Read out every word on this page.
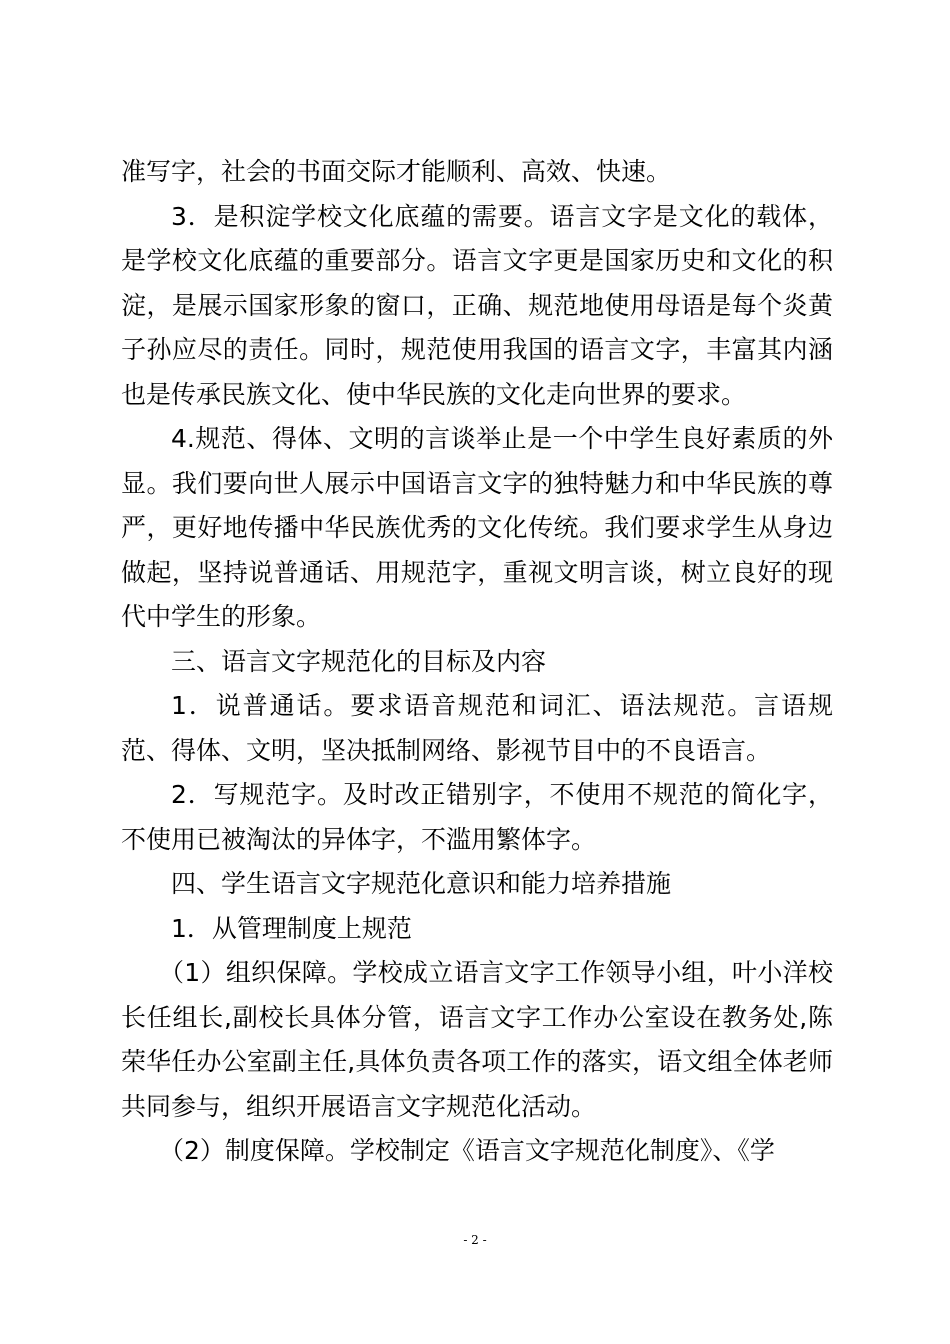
准写字，社会的书面交际才能顺利、高效、快速。

3．是积淀学校文化底蕴的需要。语言文字是文化的载体，是学校文化底蕴的重要部分。语言文字更是国家历史和文化的积淀，是展示国家形象的窗口，正确、规范地使用母语是每个炎黄子孙应尽的责任。同时，规范使用我国的语言文字，丰富其内涵也是传承民族文化、使中华民族的文化走向世界的要求。

4.规范、得体、文明的言谈举止是一个中学生良好素质的外显。我们要向世人展示中国语言文字的独特魅力和中华民族的尊严，更好地传播中华民族优秀的文化传统。我们要求学生从身边做起，坚持说普通话、用规范字，重视文明言谈，树立良好的现代中学生的形象。

三、语言文字规范化的目标及内容

1．说普通话。要求语音规范和词汇、语法规范。言语规范、得体、文明，坚决抵制网络、影视节目中的不良语言。

2．写规范字。及时改正错别字，不使用不规范的简化字，不使用已被淘汰的异体字，不滥用繁体字。

四、学生语言文字规范化意识和能力培养措施

1．从管理制度上规范

（1）组织保障。学校成立语言文字工作领导小组，叶小洋校长任组长,副校长具体分管，语言文字工作办公室设在教务处,陈荣华任办公室副主任,具体负责各项工作的落实，语文组全体老师共同参与，组织开展语言文字规范化活动。

（2）制度保障。学校制定《语言文字规范化制度》、《学

- 2 -
